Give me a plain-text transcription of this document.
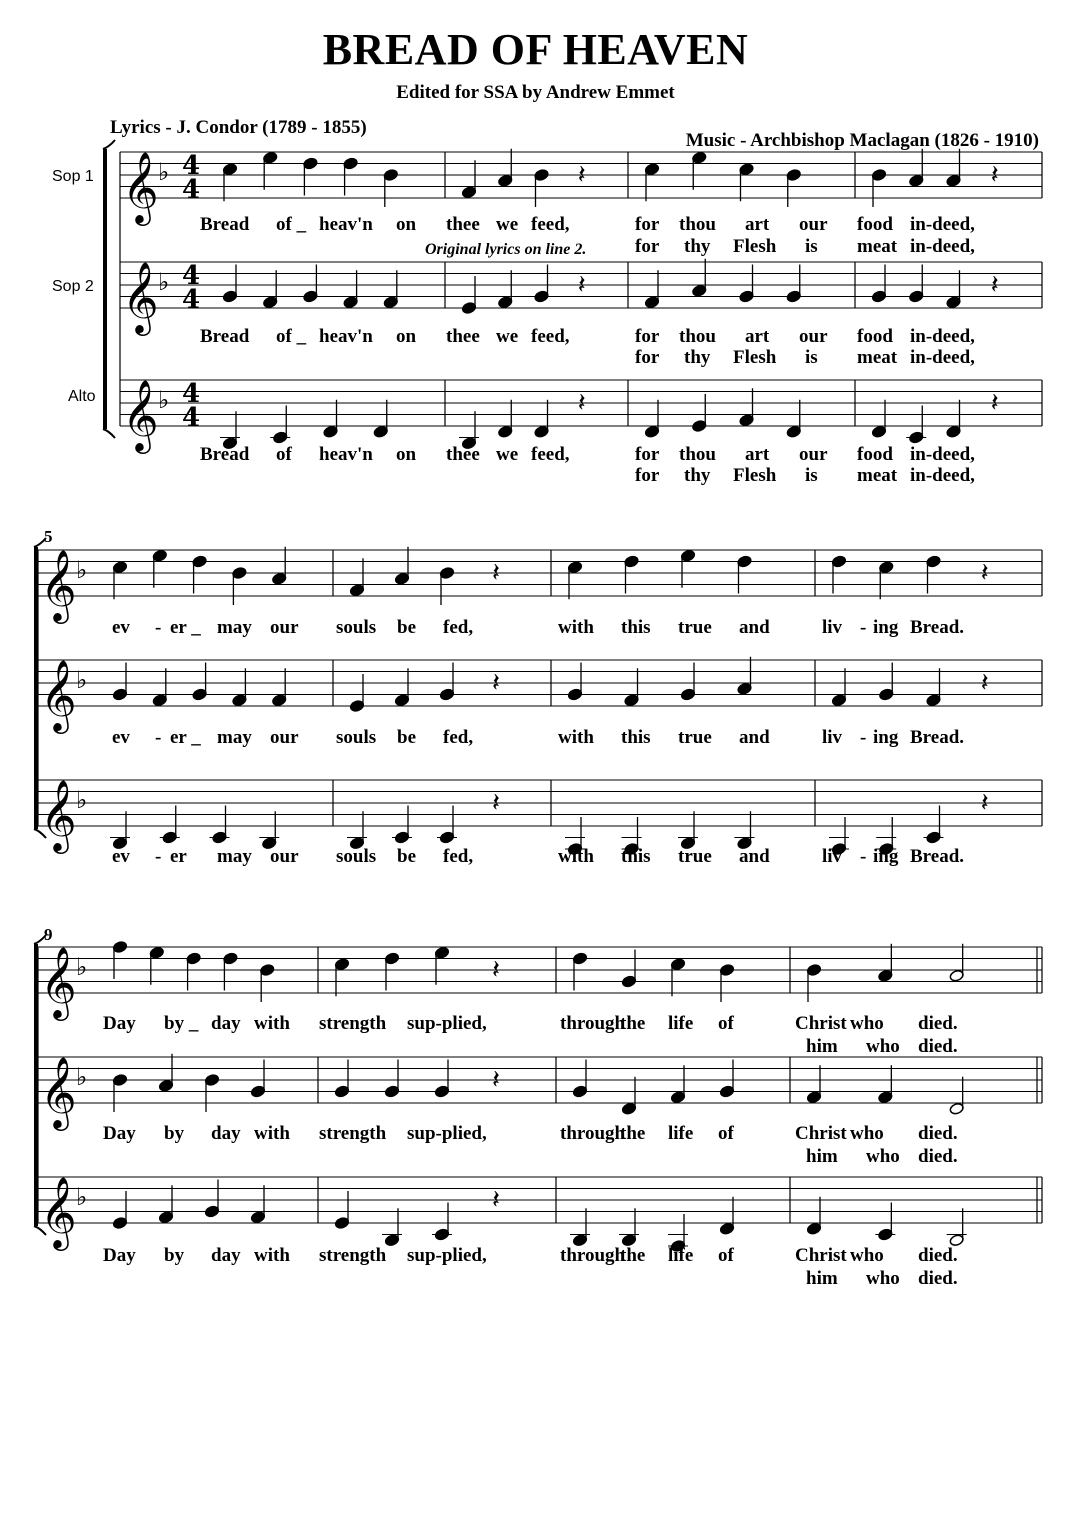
BREAD OF HEAVEN
Edited for SSA by Andrew Emmet
Lyrics - J. Condor (1789 - 1855)
Music - Archbishop Maclagan (1826 - 1910)
Sop 1
Sop 2
Alto
Original lyrics on line 2.
5
9
𝄞 ♭ 4
4	𝄽	𝄽
𝄞 ♭ 4
4	𝄽	𝄽
𝄞 ♭ 4
4	𝄽	𝄽
𝄞 ♭	𝄽	𝄽
𝄞 ♭	𝄽	𝄽
𝄞 ♭	𝄽	𝄽
𝄞 ♭	𝄽
𝄞 ♭	𝄽
𝄞 ♭	𝄽
Bread of _ heav'n on thee we feed,	for thou art our food in-deed,
for thy Flesh is meat in-deed,
Bread of _ heav'n on thee we feed,	for thou art our food in-deed,
for thy Flesh is meat in-deed,
Bread of heav'n on thee we feed,	for thou art our food in-deed,
for thy Flesh is meat in-deed,
ev - er _ may our souls be fed,	with this true and	liv - ing Bread.
ev - er _ may our souls be fed,	with this true and	liv - ing Bread.
ev - er may our souls be fed,	with this true and	liv - ing Bread.
Day by _ day with strength sup-plied,	through
the life of	Christ who died.
him who died.
Day by day with strength sup-plied,	through
the life of	Christ who died.
him who died.
Day by day with strength sup-plied,	through
the life of	Christ who died.
him who died.
